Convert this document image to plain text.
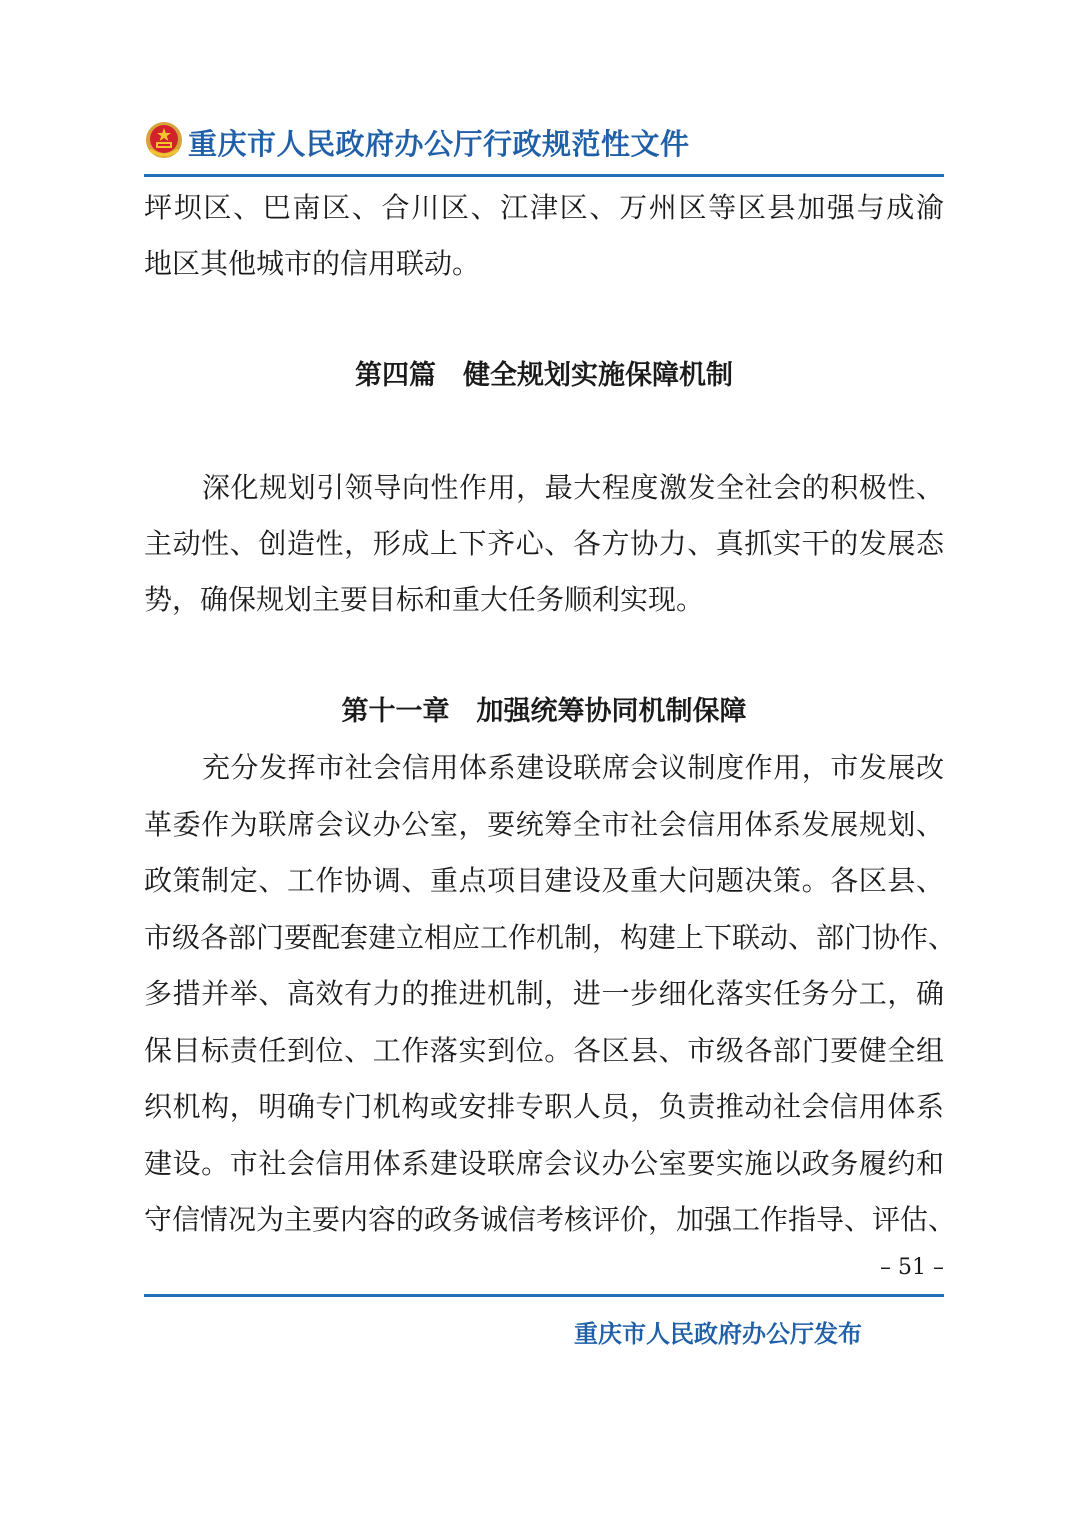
重庆市人民政府办公厅行政规范性文件
坪坝区、巴南区、合川区、江津区、万州区等区县加强与成渝
地区其他城市的信用联动。
第四篇　健全规划实施保障机制
深化规划引领导向性作用，最大程度激发全社会的积极性、
主动性、创造性，形成上下齐心、各方协力、真抓实干的发展态
势，确保规划主要目标和重大任务顺利实现。
第十一章　加强统筹协同机制保障
充分发挥市社会信用体系建设联席会议制度作用，市发展改
革委作为联席会议办公室，要统筹全市社会信用体系发展规划、
政策制定、工作协调、重点项目建设及重大问题决策。各区县、
市级各部门要配套建立相应工作机制，构建上下联动、部门协作、
多措并举、高效有力的推进机制，进一步细化落实任务分工，确
保目标责任到位、工作落实到位。各区县、市级各部门要健全组
织机构，明确专门机构或安排专职人员，负责推动社会信用体系
建设。市社会信用体系建设联席会议办公室要实施以政务履约和
守信情况为主要内容的政务诚信考核评价，加强工作指导、评估、
– 51 –
重庆市人民政府办公厅发布
